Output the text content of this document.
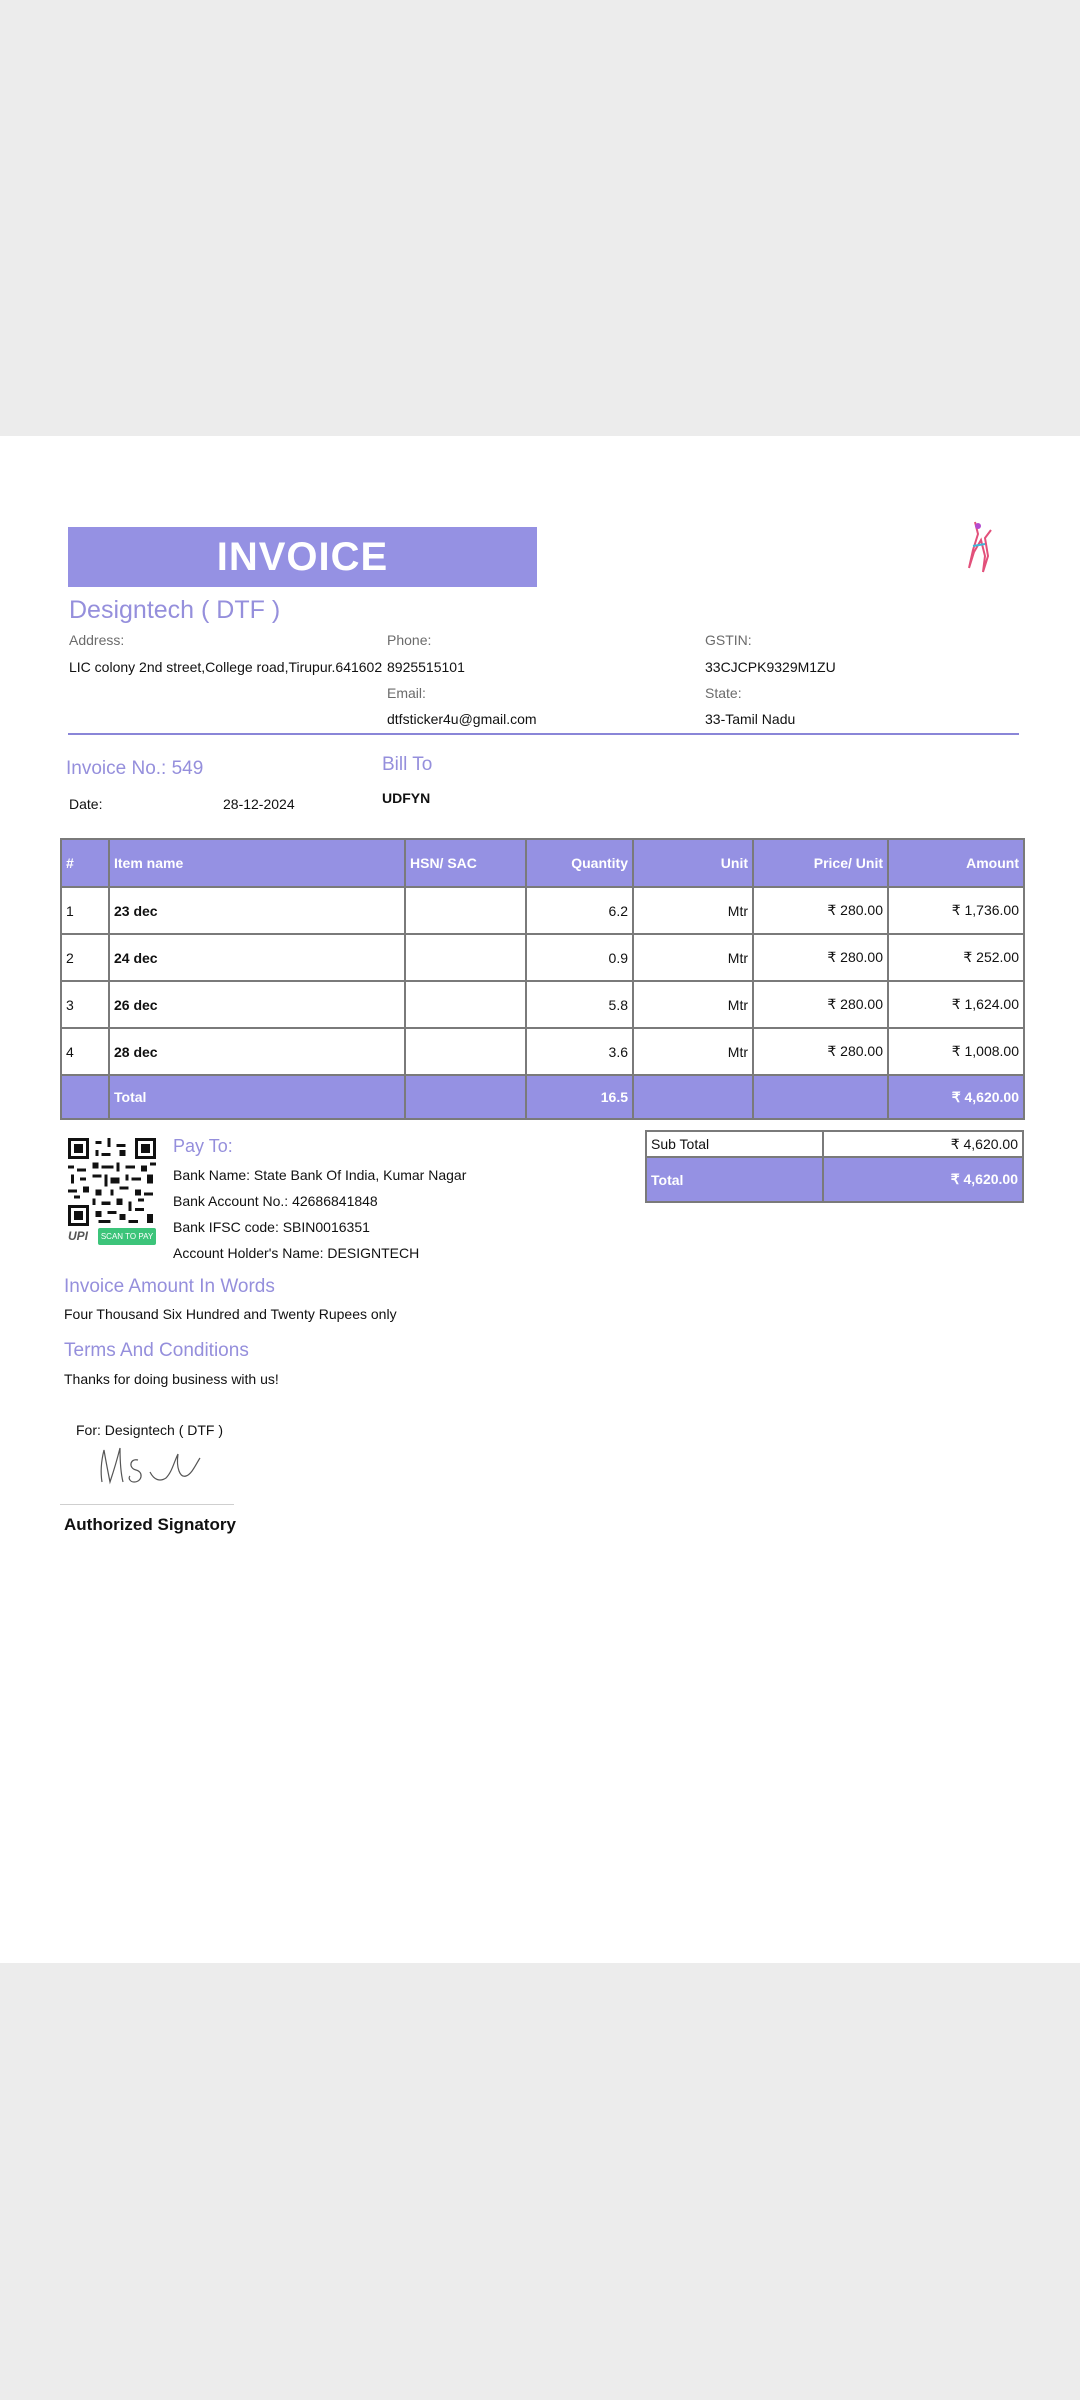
INVOICE
Designtech ( DTF )
Address:
LIC colony 2nd street,College road,Tirupur.641602
Phone:
8925515101
Email:
dtfsticker4u@gmail.com
GSTIN:
33CJCPK9329M1ZU
State:
33-Tamil Nadu
Invoice No.: 549
Date:	28-12-2024
Bill To
UDFYN
#	Item name	HSN/ SAC	Quantity	Unit	Price/ Unit	Amount
1	23 dec		6.2	Mtr	₹ 280.00	₹ 1,736.00
2	24 dec		0.9	Mtr	₹ 280.00	₹ 252.00
3	26 dec		5.8	Mtr	₹ 280.00	₹ 1,624.00
4	28 dec		3.6	Mtr	₹ 280.00	₹ 1,008.00
	Total		16.5			₹ 4,620.00
Sub Total	₹ 4,620.00
Total	₹ 4,620.00
UPI	SCAN TO PAY
Pay To:
Bank Name: State Bank Of India, Kumar Nagar
Bank Account No.: 42686841848
Bank IFSC code: SBIN0016351
Account Holder's Name: DESIGNTECH
Invoice Amount In Words
Four Thousand Six Hundred and Twenty Rupees only
Terms And Conditions
Thanks for doing business with us!
For: Designtech ( DTF )
Authorized Signatory
